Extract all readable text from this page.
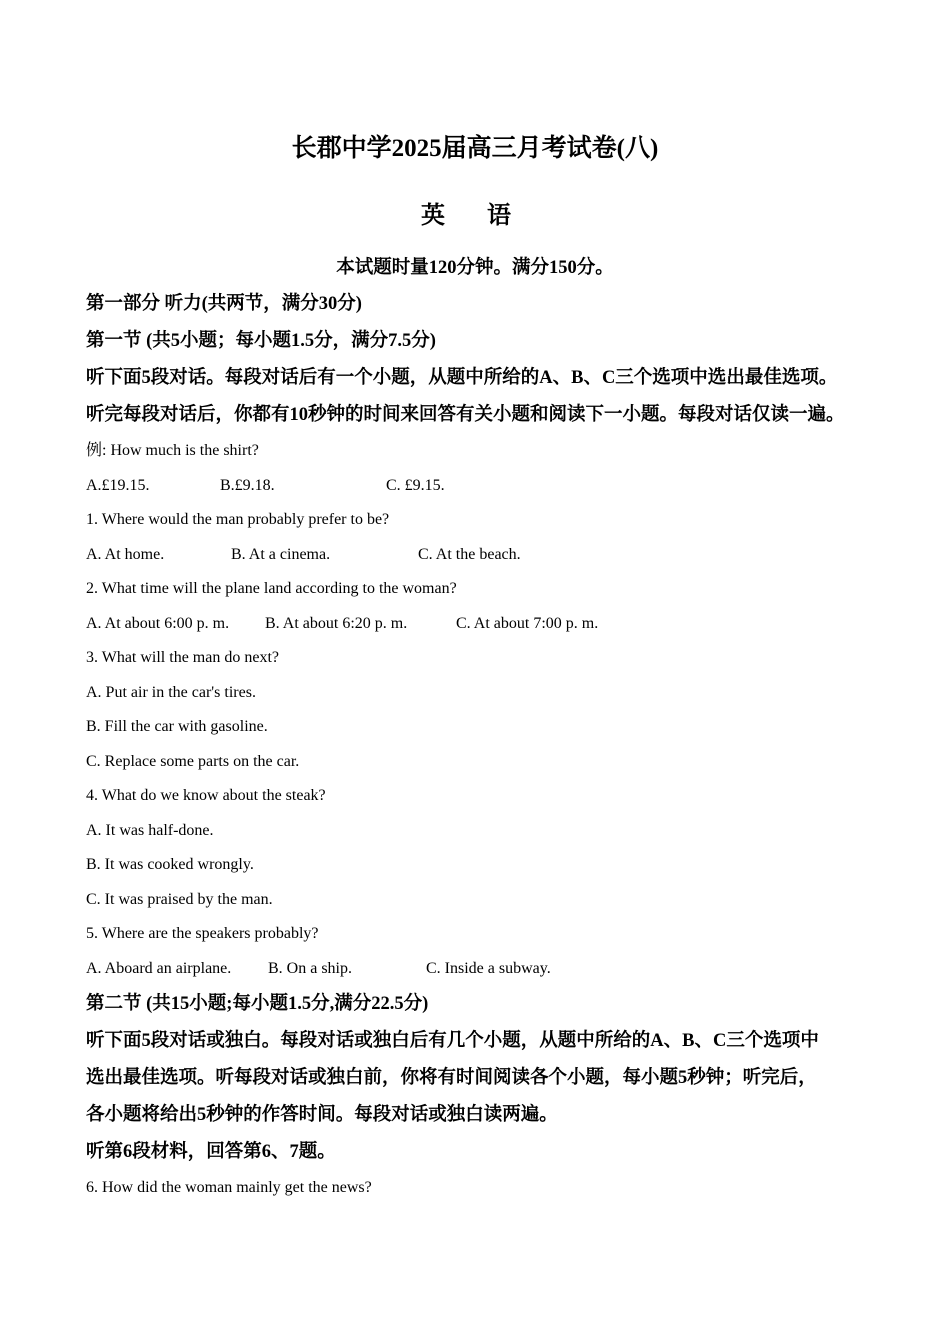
长郡中学2025届高三月考试卷(八)
英 语
本试题时量120分钟。满分150分。
第一部分 听力(共两节，满分30分)
第一节 (共5小题；每小题1.5分，满分7.5分)
听下面5段对话。每段对话后有一个小题，从题中所给的A、B、C三个选项中选出最佳选项。
听完每段对话后，你都有10秒钟的时间来回答有关小题和阅读下一小题。每段对话仅读一遍。
例: How much is the shirt?
A.£19.15.	B.£9.18.	C. £9.15.
1. Where would the man probably prefer to be?
A. At home.	B. At a cinema.	C. At the beach.
2. What time will the plane land according to the woman?
A. At about 6:00 p. m. B. At about 6:20 p. m.	C. At about 7:00 p. m.
3. What will the man do next?
A. Put air in the car's tires.
B. Fill the car with gasoline.
C. Replace some parts on the car.
4. What do we know about the steak?
A. It was half-done.
B. It was cooked wrongly.
C. It was praised by the man.
5. Where are the speakers probably?
A. Aboard an airplane. B. On a ship.	C. Inside a subway.
第二节 (共15小题;每小题1.5分,满分22.5分)
听下面5段对话或独白。每段对话或独白后有几个小题，从题中所给的A、B、C三个选项中
选出最佳选项。听每段对话或独白前，你将有时间阅读各个小题，每小题5秒钟；听完后，
各小题将给出5秒钟的作答时间。每段对话或独白读两遍。
听第6段材料，回答第6、7题。
6. How did the woman mainly get the news?
